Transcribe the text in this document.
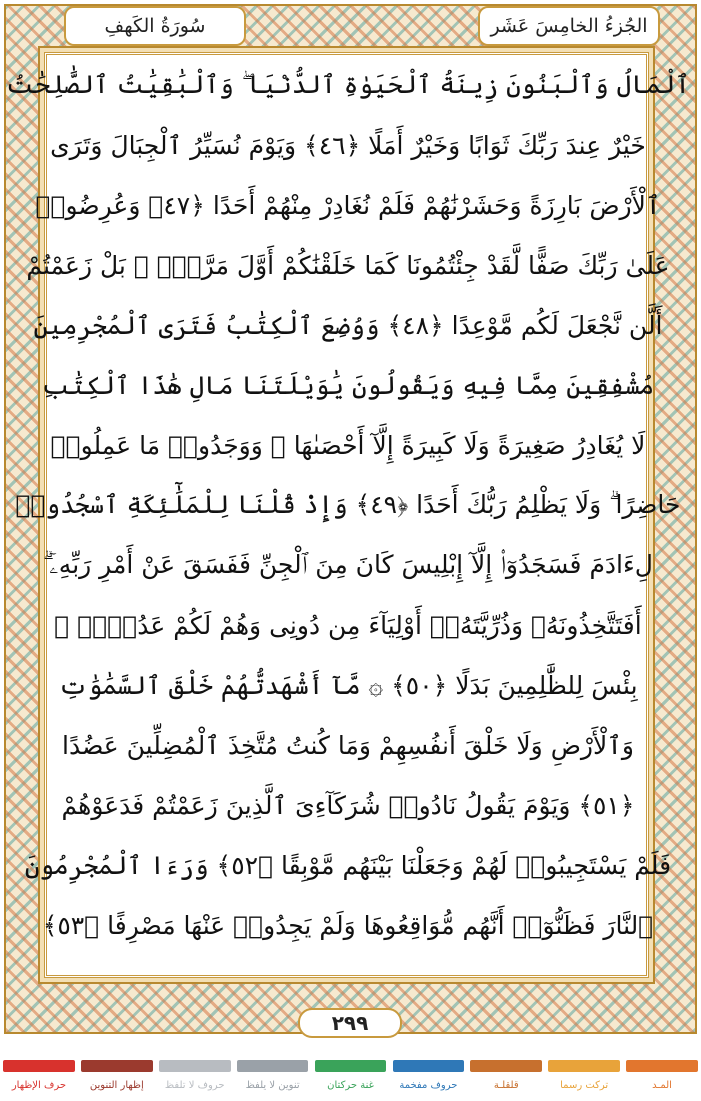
سُورَةُ الكَهفِ	الجُزءُ الخامِسَ عَشَر
ٱلْمَالُ وَٱلْبَنُونَ زِينَةُ ٱلْحَيَوٰةِ ٱلدُّنْيَا ۖ وَٱلْبَٰقِيَٰتُ ٱلصَّٰلِحَٰتُ
خَيْرٌ عِندَ رَبِّكَ ثَوَابًا وَخَيْرٌ أَمَلًا ﴿٤٦﴾ وَيَوْمَ نُسَيِّرُ ٱلْجِبَالَ وَتَرَى
ٱلْأَرْضَ بَارِزَةً وَحَشَرْنَٰهُمْ فَلَمْ نُغَادِرْ مِنْهُمْ أَحَدًا ﴿٤٧﴾ وَعُرِضُوا۟
عَلَىٰ رَبِّكَ صَفًّا لَّقَدْ جِئْتُمُونَا كَمَا خَلَقْنَٰكُمْ أَوَّلَ مَرَّةٍۭ ۚ بَلْ زَعَمْتُمْ
أَلَّن نَّجْعَلَ لَكُم مَّوْعِدًا ﴿٤٨﴾ وَوُضِعَ ٱلْكِتَٰبُ فَتَرَى ٱلْمُجْرِمِينَ
مُشْفِقِينَ مِمَّا فِيهِ وَيَقُولُونَ يَٰوَيْلَتَنَا مَالِ هَٰذَا ٱلْكِتَٰبِ
لَا يُغَادِرُ صَغِيرَةً وَلَا كَبِيرَةً إِلَّآ أَحْصَىٰهَا ۚ وَوَجَدُوا۟ مَا عَمِلُوا۟
حَاضِرًا ۗ وَلَا يَظْلِمُ رَبُّكَ أَحَدًا ﴿٤٩﴾ وَإِذْ قُلْنَا لِلْمَلَٰٓئِكَةِ ٱسْجُدُوا۟
لِءَادَمَ فَسَجَدُوٓا۟ إِلَّآ إِبْلِيسَ كَانَ مِنَ ٱلْجِنِّ فَفَسَقَ عَنْ أَمْرِ رَبِّهِۦٓ ۗ
أَفَتَتَّخِذُونَهُۥ وَذُرِّيَّتَهُۥٓ أَوْلِيَآءَ مِن دُونِى وَهُمْ لَكُمْ عَدُوٌّۢ ۚ
بِئْسَ لِلظَّٰلِمِينَ بَدَلًا ﴿٥٠﴾ ۞ مَّآ أَشْهَدتُّهُمْ خَلْقَ ٱلسَّمَٰوَٰتِ
وَٱلْأَرْضِ وَلَا خَلْقَ أَنفُسِهِمْ وَمَا كُنتُ مُتَّخِذَ ٱلْمُضِلِّينَ عَضُدًا
﴿٥١﴾ وَيَوْمَ يَقُولُ نَادُوا۟ شُرَكَآءِىَ ٱلَّذِينَ زَعَمْتُمْ فَدَعَوْهُمْ
فَلَمْ يَسْتَجِيبُوا۟ لَهُمْ وَجَعَلْنَا بَيْنَهُم مَّوْبِقًا ﴿٥٢﴾ وَرَءَا ٱلْمُجْرِمُونَ
ٱلنَّارَ فَظَنُّوٓا۟ أَنَّهُم مُّوَاقِعُوهَا وَلَمْ يَجِدُوا۟ عَنْهَا مَصْرِفًا ﴿٥٣﴾
٢٩٩
المـد
تركت رسما
قلقلـة
حروف مفخمة
غنة حركتان
تنوين لا يلفظ
حروف لا تلفظ
إظهار التنوين
حرف الإظهار
